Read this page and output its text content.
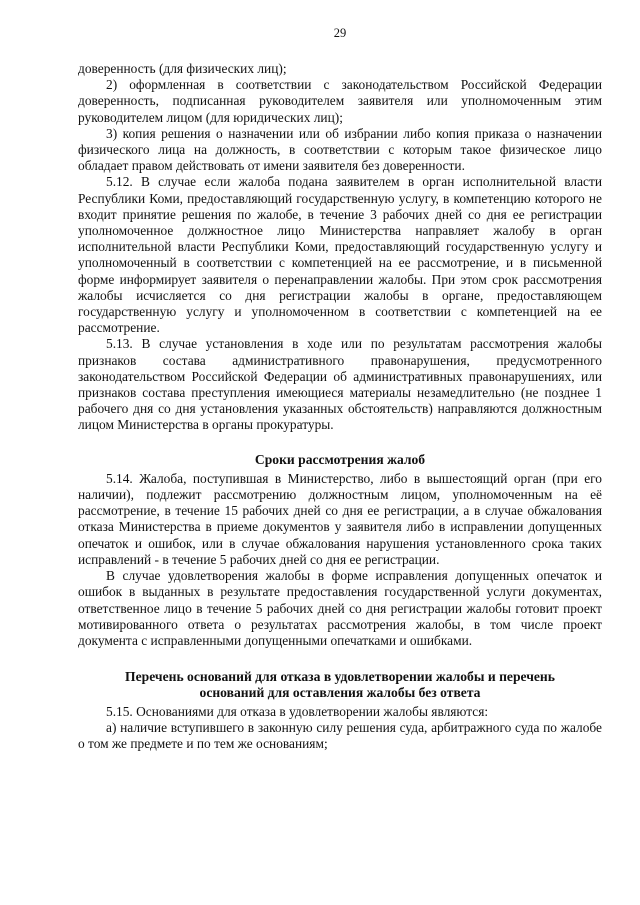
29

доверенность (для физических лиц);

2) оформленная в соответствии с законодательством Российской Федерации доверенность, подписанная руководителем заявителя или уполномоченным этим руководителем лицом (для юридических лиц);

3) копия решения о назначении или об избрании либо копия приказа о назначении физического лица на должность, в соответствии с которым такое физическое лицо обладает правом действовать от имени заявителя без доверенности.

5.12. В случае если жалоба подана заявителем в орган исполнительной власти Республики Коми, предоставляющий государственную услугу, в компетенцию которого не входит принятие решения по жалобе, в течение 3 рабочих дней со дня ее регистрации уполномоченное должностное лицо Министерства направляет жалобу в орган исполнительной власти Республики Коми, предоставляющий государственную услугу и уполномоченный в соответствии с компетенцией на ее рассмотрение, и в письменной форме информирует заявителя о перенаправлении жалобы. При этом срок рассмотрения жалобы исчисляется со дня регистрации жалобы в органе, предоставляющем государственную услугу и уполномоченном в соответствии с компетенцией на ее рассмотрение.

5.13. В случае установления в ходе или по результатам рассмотрения жалобы признаков состава административного правонарушения, предусмотренного законодательством Российской Федерации об административных правонарушениях, или признаков состава преступления имеющиеся материалы незамедлительно (не позднее 1 рабочего дня со дня установления указанных обстоятельств) направляются должностным лицом Министерства в органы прокуратуры.

Сроки рассмотрения жалоб

5.14. Жалоба, поступившая в Министерство, либо в вышестоящий орган (при его наличии), подлежит рассмотрению должностным лицом, уполномоченным на её рассмотрение, в течение 15 рабочих дней со дня ее регистрации, а в случае обжалования отказа Министерства в приеме документов у заявителя либо в исправлении допущенных опечаток и ошибок, или в случае обжалования нарушения установленного срока таких исправлений - в течение 5 рабочих дней со дня ее регистрации.

В случае удовлетворения жалобы в форме исправления допущенных опечаток и ошибок в выданных в результате предоставления государственной услуги документах, ответственное лицо в течение 5 рабочих дней со дня регистрации жалобы готовит проект мотивированного ответа о результатах рассмотрения жалобы, в том числе проект документа с исправленными допущенными опечатками и ошибками.

Перечень оснований для отказа в удовлетворении жалобы и перечень
оснований для оставления жалобы без ответа

5.15. Основаниями для отказа в удовлетворении жалобы являются:

а) наличие вступившего в законную силу решения суда, арбитражного суда по жалобе о том же предмете и по тем же основаниям;
